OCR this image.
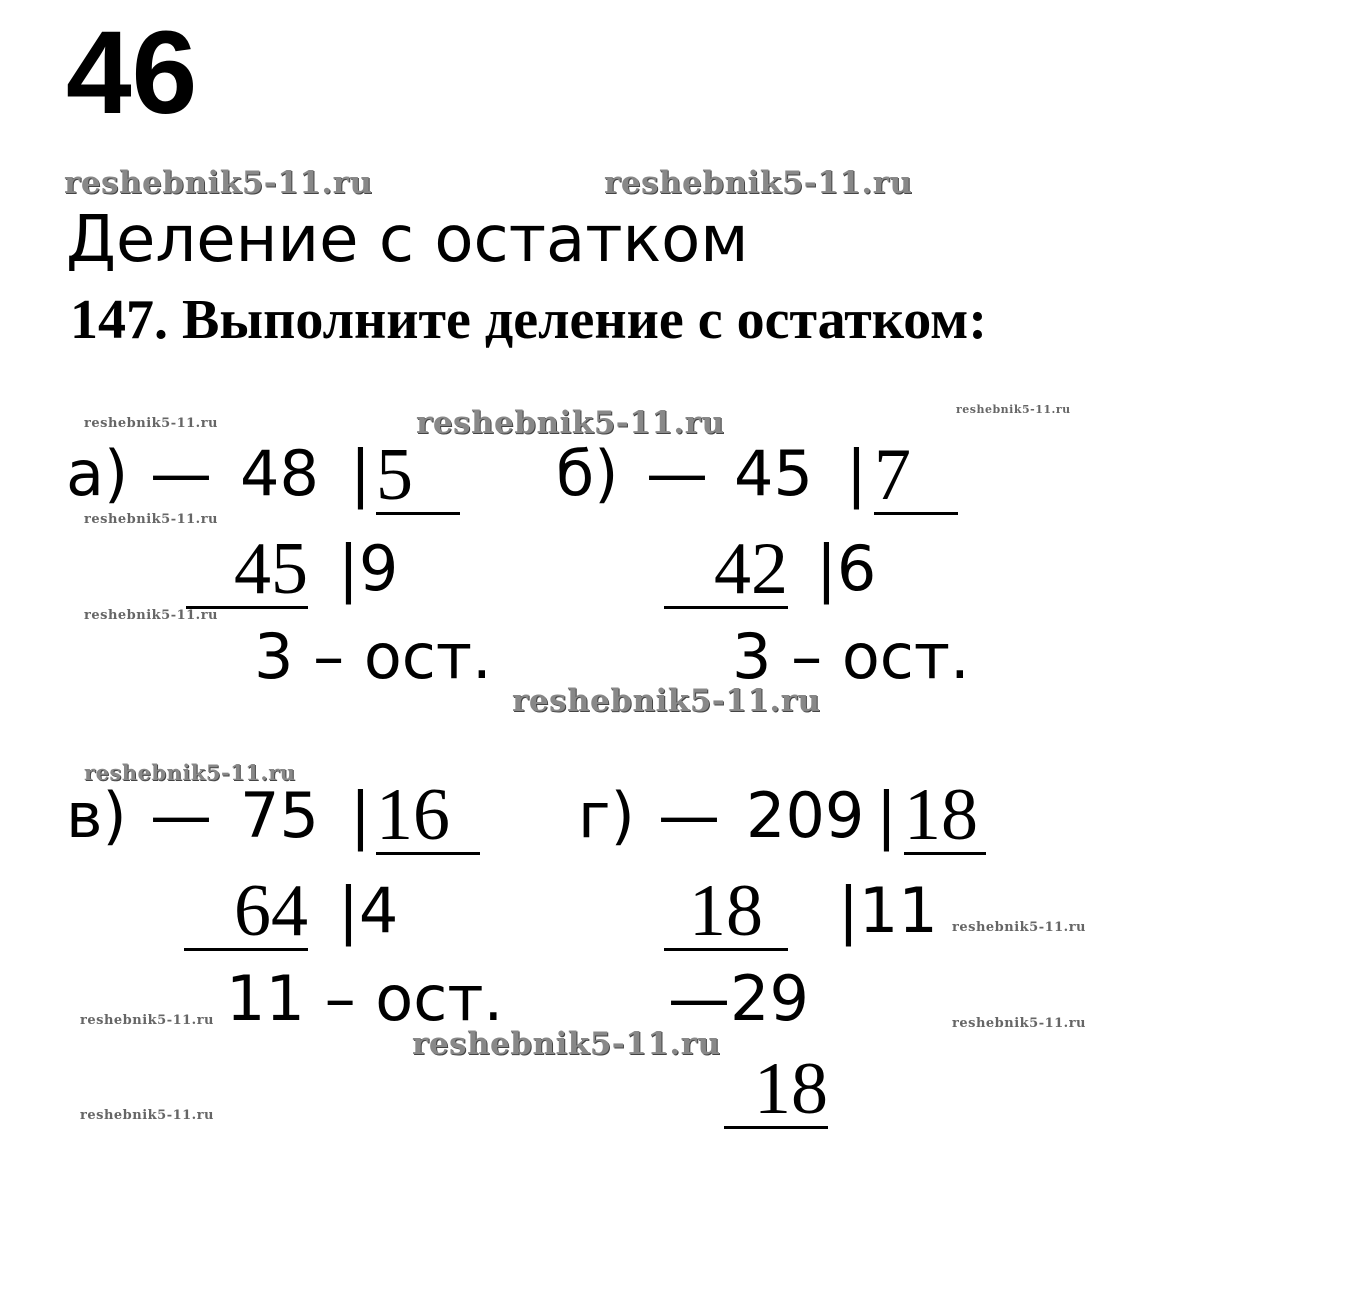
46
reshebnik5-11.ru	reshebnik5-11.ru
reshebnik5-11.ru	reshebnik5-11.ru	reshebnik5-11.ru
reshebnik5-11.ru
reshebnik5-11.ru
reshebnik5-11.ru
reshebnik5-11.ru
reshebnik5-11.ru
reshebnik5-11.ru	reshebnik5-11.ru
reshebnik5-11.ru
reshebnik5-11.ru
Деление с остатком
147. Выполните деление с остатком:
а) — 48 | 5
45 |9
3 – ост.
б) — 45 | 7
42 |6
3 – ост.
в) — 75 | 16
64 |4
11 – ост.
г) — 209 | 18
18	|11
—29
18
